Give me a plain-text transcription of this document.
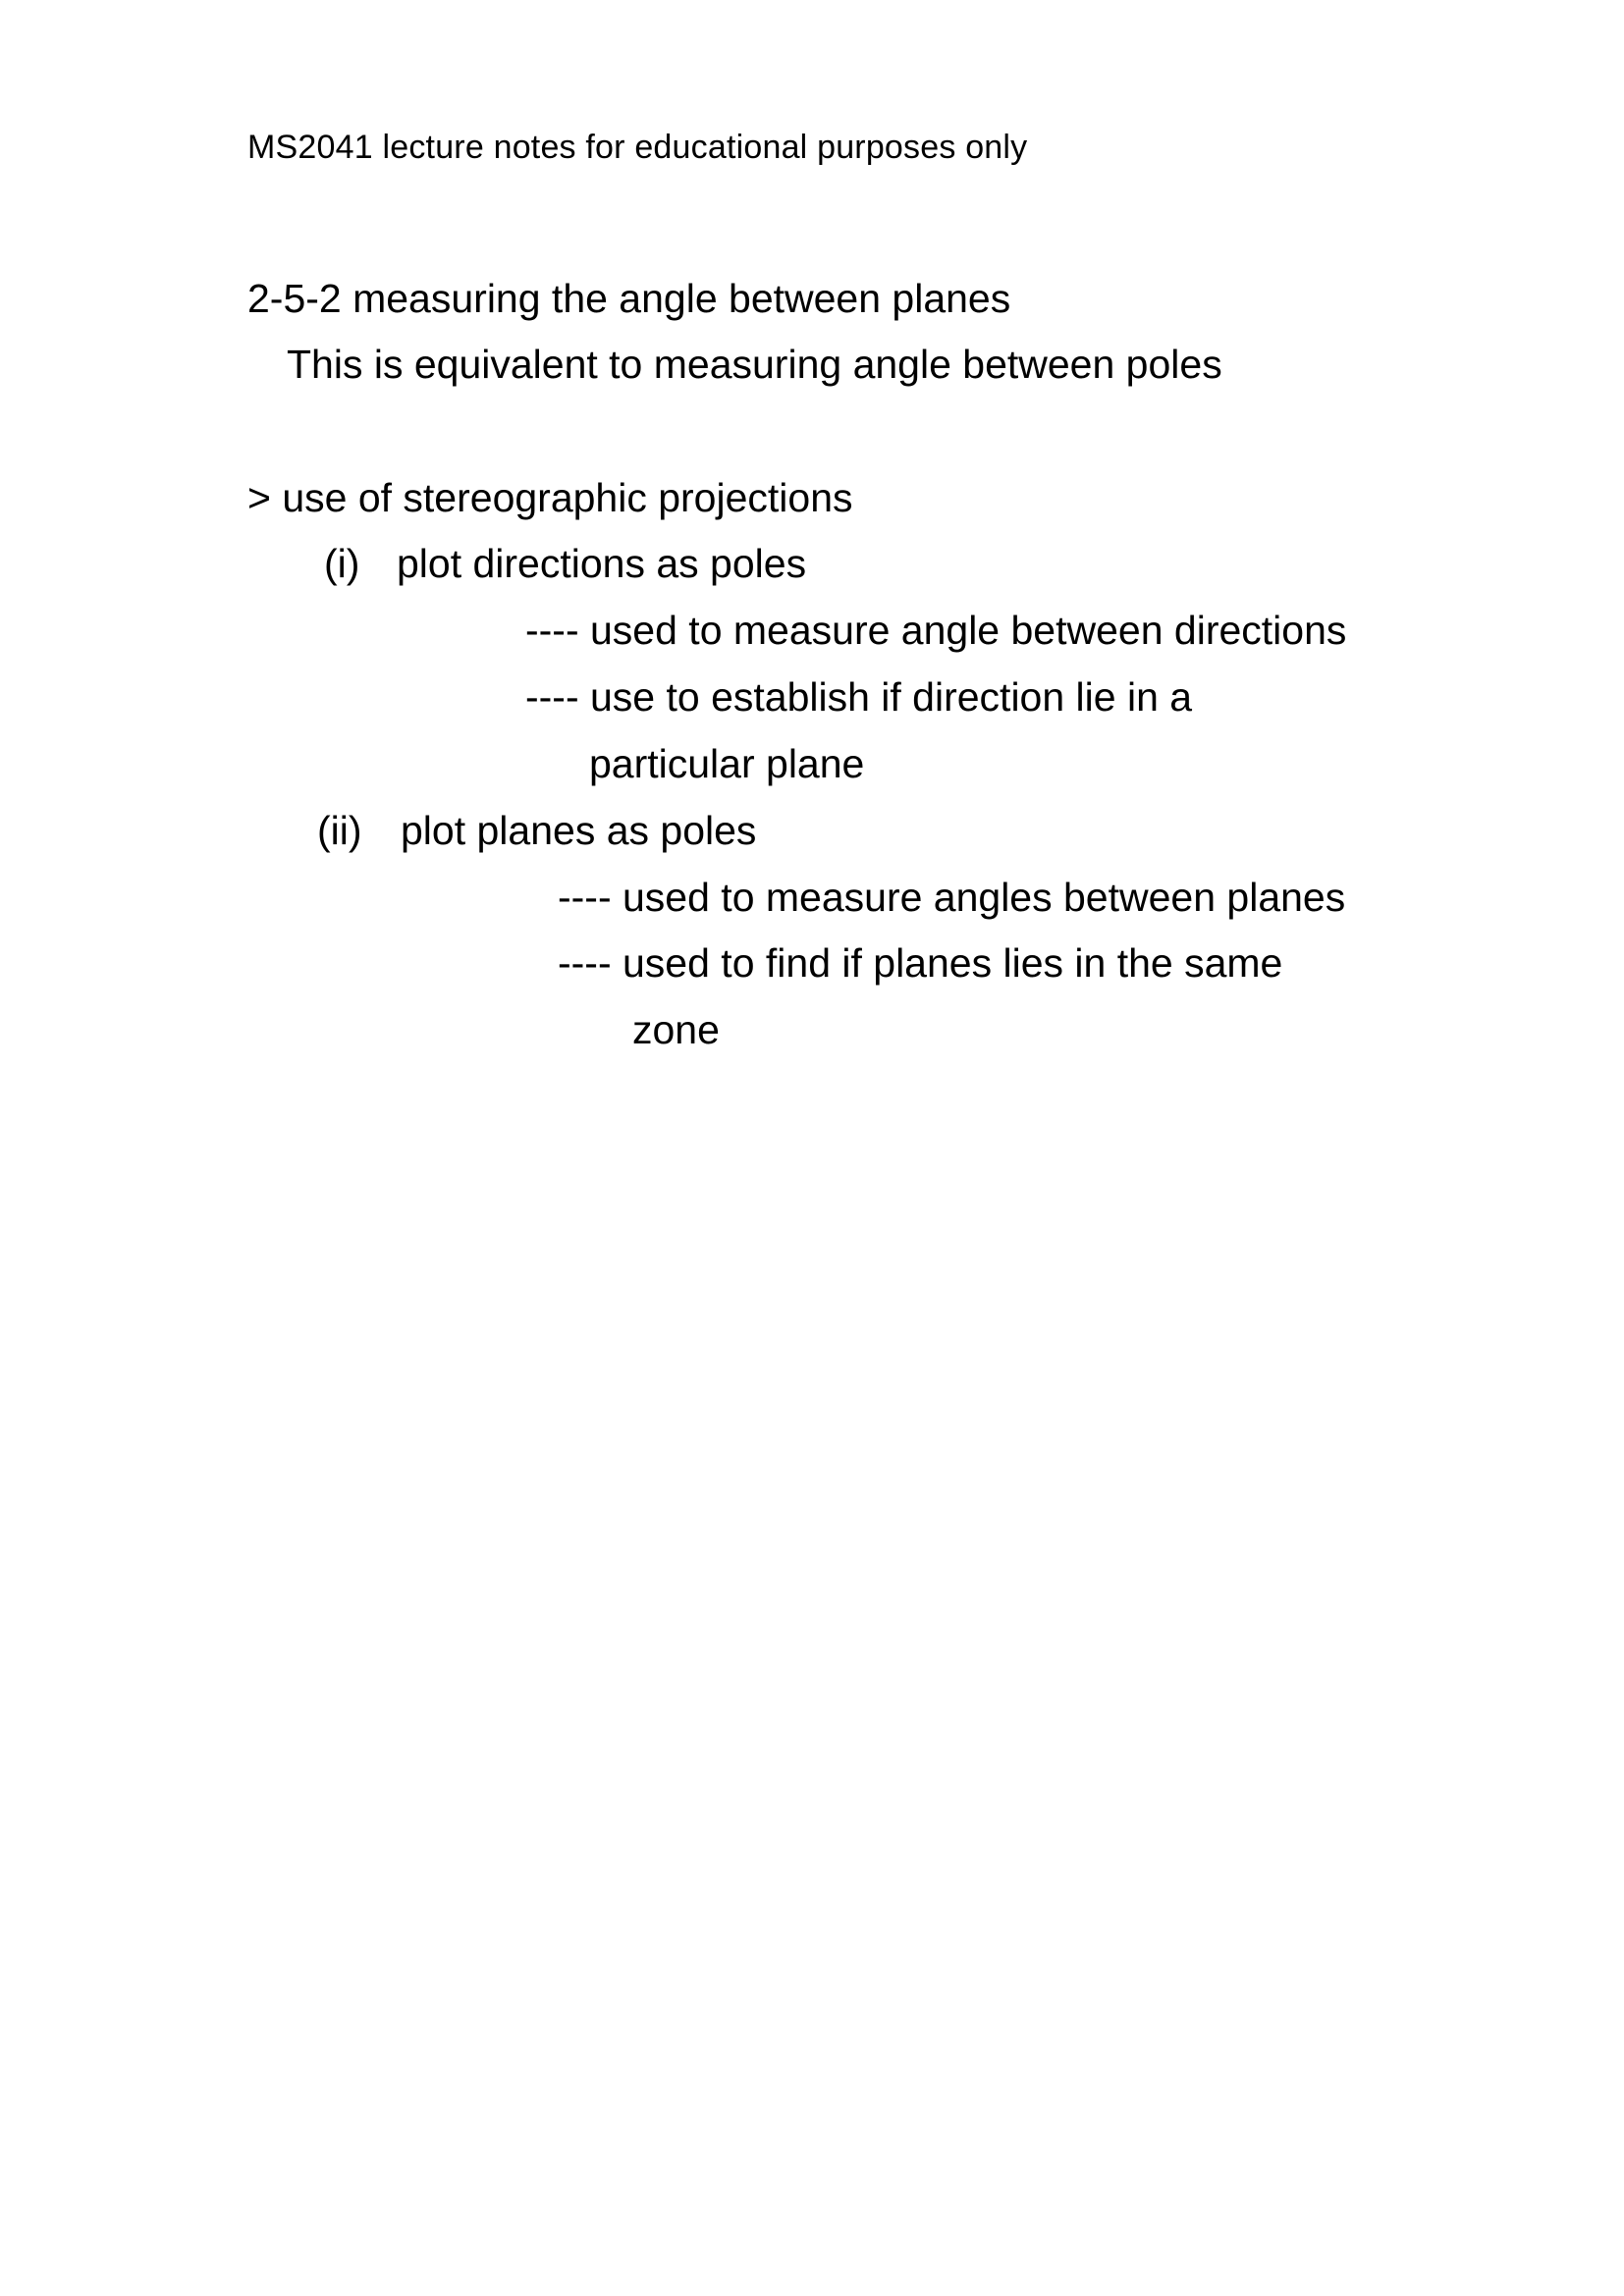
MS2041 lecture notes for educational purposes only
2-5-2 measuring the angle between planes
This is equivalent to measuring angle between poles
> use of stereographic projections
(i) plot directions as poles
---- used to measure angle between directions
---- use to establish if direction lie in a
particular plane
(ii) plot planes as poles
---- used to measure angles between planes
---- used to find if planes lies in the same
zone
